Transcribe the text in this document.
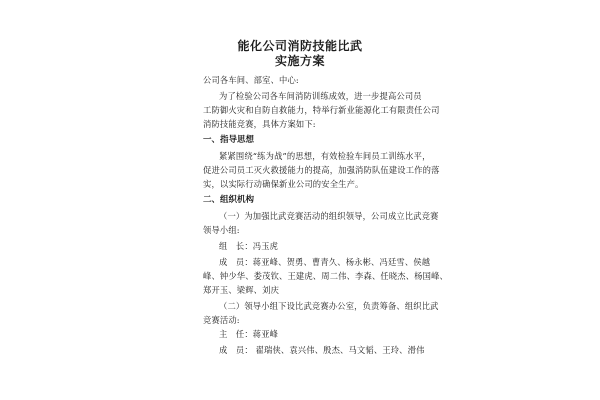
能化公司消防技能比武
实施方案
公司各车间、部室、中心:
为了检验公司各车间消防训练成效，进一步提高公司员
工防御火灾和自防自救能力，特举行新业能源化工有限责任公司
消防技能竞赛，具体方案如下:
一、指导思想
紧紧围绕“练为战”的思想，有效检验车间员工训练水平，
促进公司员工灭火救援能力的提高，加强消防队伍建设工作的落
实，以实际行动确保新业公司的安全生产。
二、组织机构
（一）为加强比武竞赛活动的组织领导，公司成立比武竞赛
领导小组:
组　长：冯玉虎
成　员：蒋亚峰、贺勇、曹青久、杨永彬、冯廷雪、侯越
峰、钟少华、娄茂钦、王建虎、周二伟、李森、任晓杰、杨国峰、
郑开玉、梁辉、刘庆
（二）领导小组下设比武竞赛办公室，负责筹备、组织比武
竞赛活动:
主　任：蒋亚峰
成　员： 翟瑞侠、袁兴伟、殷杰、马文韬、王玲、滑伟
